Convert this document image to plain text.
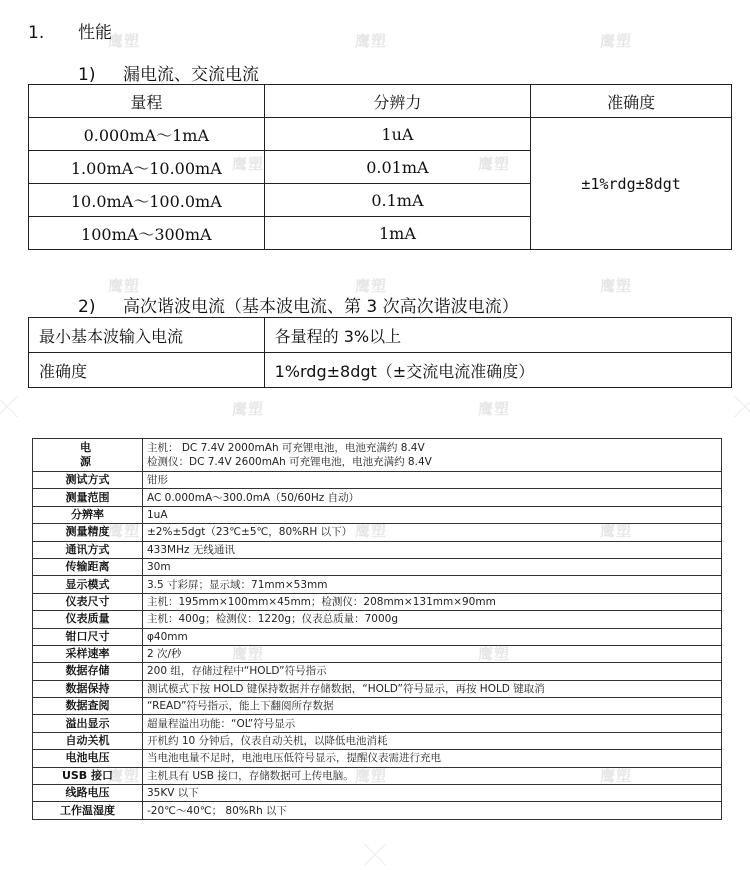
鹰塑	鹰塑	鹰塑
鹰塑	鹰塑
鹰塑	鹰塑	鹰塑
鹰塑	鹰塑
鹰塑	鹰塑	鹰塑
鹰塑	鹰塑
鹰塑	鹰塑	鹰塑
1. 性能
1) 漏电流、交流电流
量程	分辨力	准确度
0.000mA～1mA	1uA	±1%rdg±8dgt
1.00mA～10.00mA	0.01mA	
10.0mA～100.0mA	0.1mA	
100mA～300mA	1mA	
2) 高次谐波电流（基本波电流、第 3 次高次谐波电流）
最小基本波输入电流	各量程的 3%以上
准确度	1%rdg±8dgt（±交流电流准确度）
电　源	主机： DC 7.4V 2000mAh 可充锂电池，电池充满约 8.4V
检测仪：DC 7.4V 2600mAh 可充锂电池，电池充满约 8.4V

测试方式	钳形
测量范围	AC 0.000mA～300.0mA（50/60Hz 自动）
分辨率	1uA
测量精度	±2%±5dgt（23℃±5℃，80%RH 以下）
通讯方式	433MHz 无线通讯
传输距离	30m
显示模式	3.5 寸彩屏；显示域：71mm×53mm
仪表尺寸	主机：195mm×100mm×45mm；检测仪：208mm×131mm×90mm
仪表质量	主机：400g；检测仪：1220g；仪表总质量：7000g
钳口尺寸	φ40mm
采样速率	2 次/秒
数据存储	200 组，存储过程中“HOLD”符号指示
数据保持	测试模式下按 HOLD 键保持数据并存储数据，“HOLD”符号显示，再按 HOLD 键取消
数据查阅	“READ”符号指示，能上下翻阅所存数据
溢出显示	超量程溢出功能：“OL”符号显示
自动关机	开机约 10 分钟后，仪表自动关机，以降低电池消耗
电池电压	当电池电量不足时，电池电压低符号显示，提醒仪表需进行充电
USB 接口	主机具有 USB 接口，存储数据可上传电脑。
线路电压	35KV 以下
工作温湿度	-20℃～40℃； 80%Rh 以下
